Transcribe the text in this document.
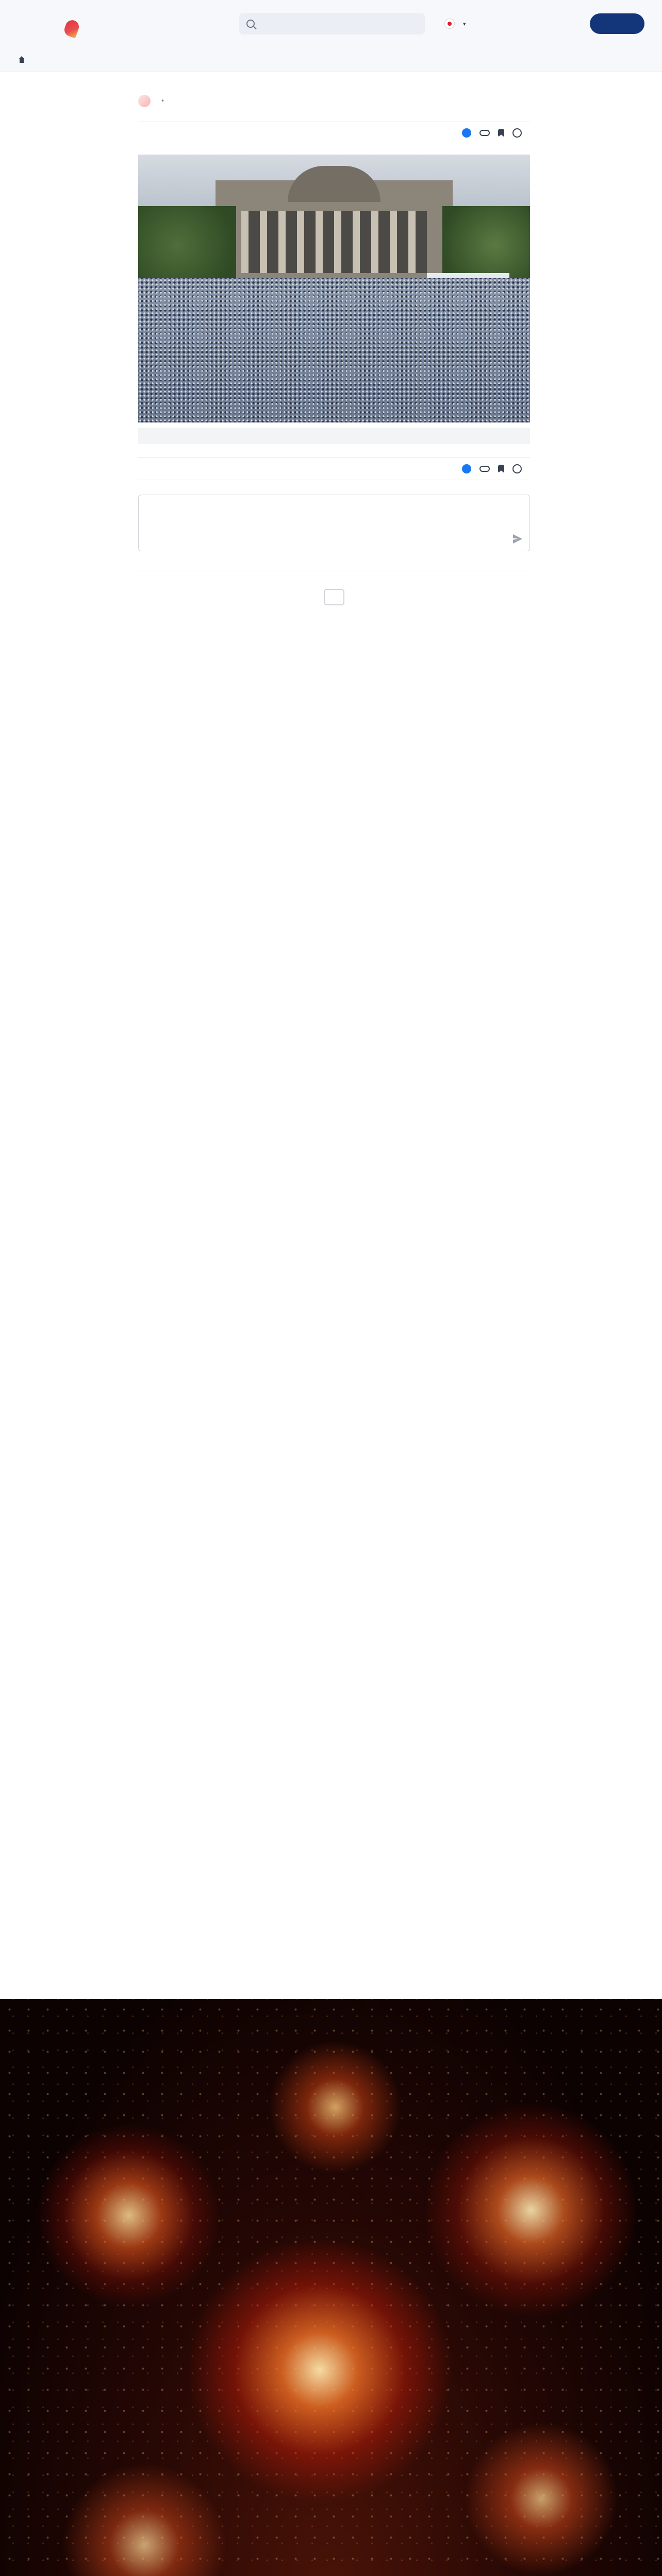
▾

•
